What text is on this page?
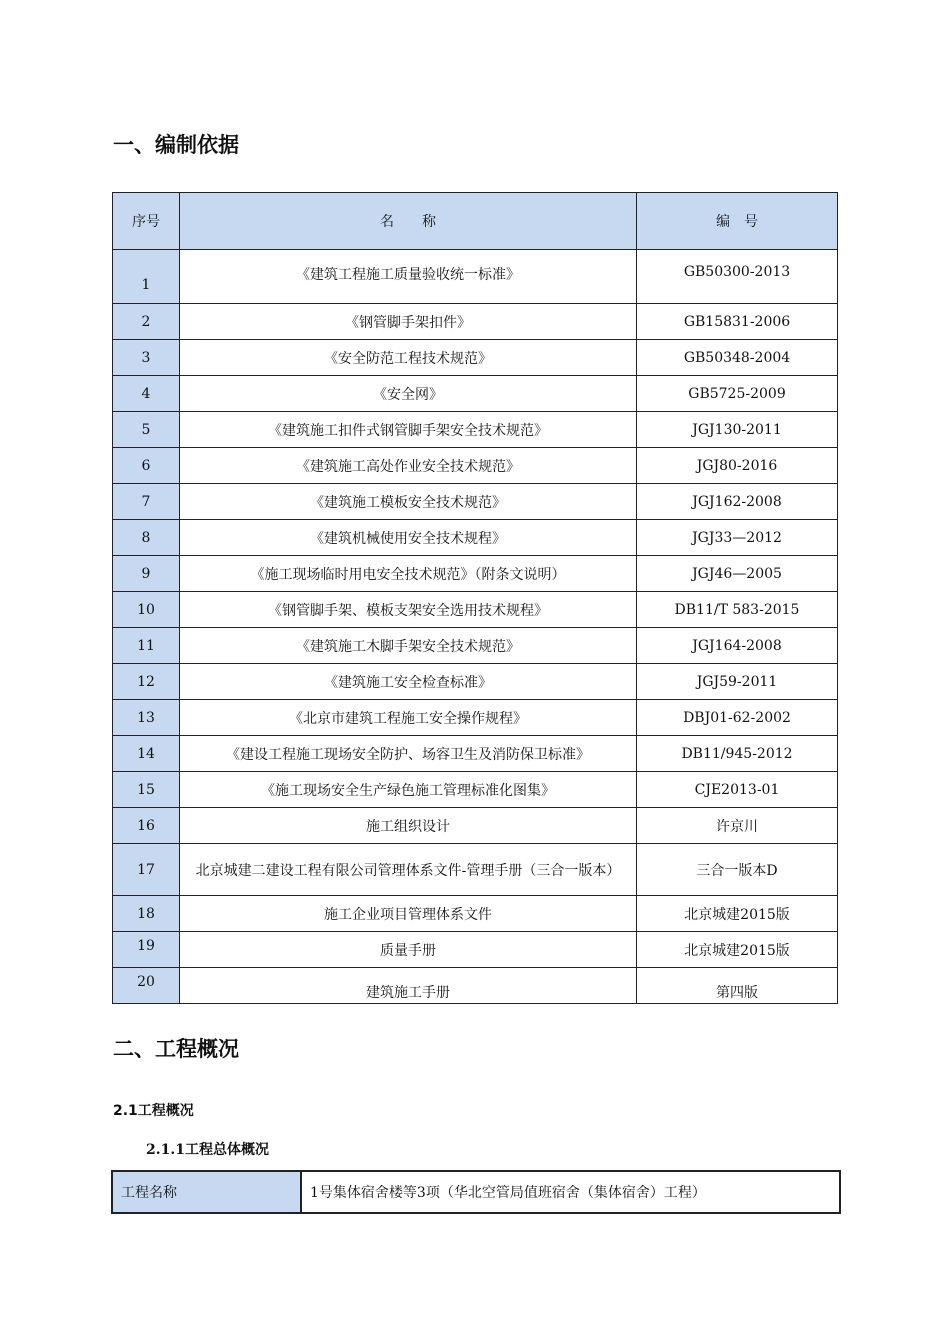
一、编制依据
序号	名　　称	编　号
1	《建筑工程施工质量验收统一标准》	GB50300-2013
2	《钢管脚手架扣件》	GB15831-2006
3	《安全防范工程技术规范》	GB50348-2004
4	《安全网》	GB5725-2009
5	《建筑施工扣件式钢管脚手架安全技术规范》	JGJ130-2011
6	《建筑施工高处作业安全技术规范》	JGJ80-2016
7	《建筑施工模板安全技术规范》	JGJ162-2008
8	《建筑机械使用安全技术规程》	JGJ33—2012
9	《施工现场临时用电安全技术规范》（附条文说明）	JGJ46—2005
10	《钢管脚手架、模板支架安全选用技术规程》	DB11/T 583-2015
11	《建筑施工木脚手架安全技术规范》	JGJ164-2008
12	《建筑施工安全检查标准》	JGJ59-2011
13	《北京市建筑工程施工安全操作规程》	DBJ01-62-2002
14	《建设工程施工现场安全防护、场容卫生及消防保卫标准》	DB11/945-2012
15	《施工现场安全生产绿色施工管理标准化图集》	CJE2013-01
16	施工组织设计	许京川
17	北京城建二建设工程有限公司管理体系文件-管理手册（三合一版本）	三合一版本D
18	施工企业项目管理体系文件	北京城建2015版
19	质量手册	北京城建2015版
20	建筑施工手册	第四版
二、工程概况
2.1工程概况
2.1.1工程总体概况
工程名称	1号集体宿舍楼等3项（华北空管局值班宿舍（集体宿舍）工程）
